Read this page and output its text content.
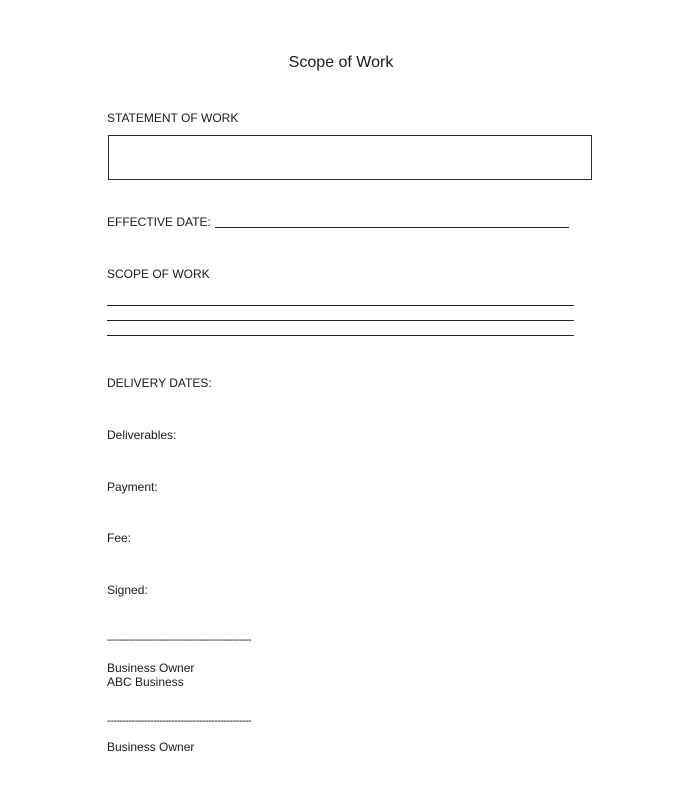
Scope of Work
STATEMENT OF WORK
EFFECTIVE DATE:
SCOPE OF WORK
DELIVERY DATES:
Deliverables:
Payment:
Fee:
Signed:
-----------------------------------------------
Business Owner
ABC Business
-----------------------------------------------
Business Owner
